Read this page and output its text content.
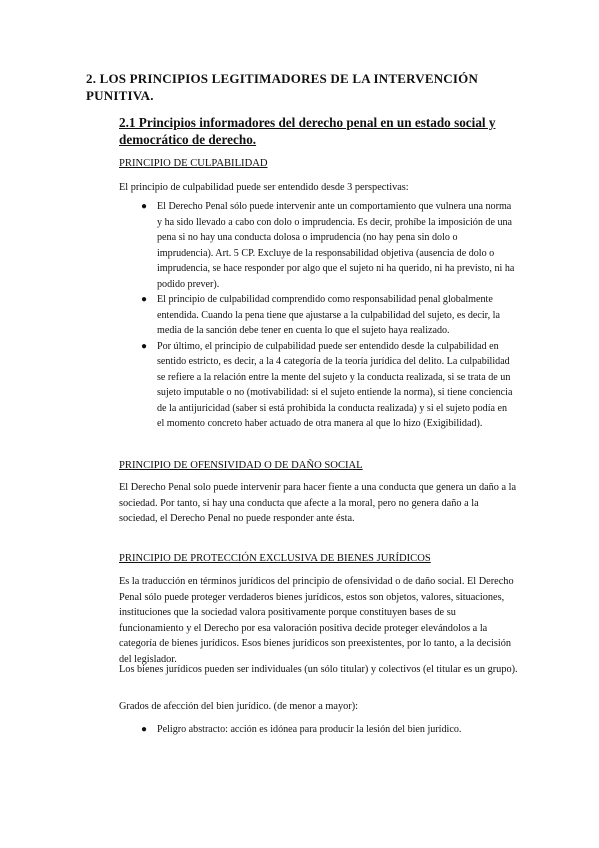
2. LOS PRINCIPIOS LEGITIMADORES DE LA INTERVENCIÓN PUNITIVA.
2.1 Principios informadores del derecho penal en un estado social y democrático de derecho.

PRINCIPIO DE CULPABILIDAD

El principio de culpabilidad puede ser entendido desde 3 perspectivas:

● El Derecho Penal sólo puede intervenir ante un comportamiento que vulnera una norma y ha sido llevado a cabo con dolo o imprudencia. Es decir, prohíbe la imposición de una pena si no hay una conducta dolosa o imprudencia (no hay pena sin dolo o imprudencia). Art. 5 CP. Excluye de la responsabilidad objetiva (ausencia de dolo o imprudencia, se hace responder por algo que el sujeto ni ha querido, ni ha previsto, ni ha podido prever).
● El principio de culpabilidad comprendido como responsabilidad penal globalmente entendida. Cuando la pena tiene que ajustarse a la culpabilidad del sujeto, es decir, la media de la sanción debe tener en cuenta lo que el sujeto haya realizado.
● Por último, el principio de culpabilidad puede ser entendido desde la culpabilidad en sentido estricto, es decir, a la 4 categoría de la teoría jurídica del delito. La culpabilidad se refiere a la relación entre la mente del sujeto y la conducta realizada, si se trata de un sujeto imputable o no (motivabilidad: si el sujeto entiende la norma), si tiene conciencia de la antijuricidad (saber si está prohibida la conducta realizada) y si el sujeto podía en el momento concreto haber actuado de otra manera al que lo hizo (Exigibilidad).

PRINCIPIO DE OFENSIVIDAD O DE DAÑO SOCIAL

El Derecho Penal solo puede intervenir para hacer fiente a una conducta que genera un daño a la sociedad. Por tanto, si hay una conducta que afecte a la moral, pero no genera daño a la sociedad, el Derecho Penal no puede responder ante ésta.

PRINCIPIO DE PROTECCIÓN EXCLUSIVA DE BIENES JURÍDICOS

Es la traducción en términos jurídicos del principio de ofensividad o de daño social. El Derecho Penal sólo puede proteger verdaderos bienes jurídicos, estos son objetos, valores, situaciones, instituciones que la sociedad valora positivamente porque constituyen bases de su funcionamiento y el Derecho por esa valoración positiva decide proteger elevándolos a la categoría de bienes jurídicos. Esos bienes jurídicos son preexistentes, por lo tanto, a la decisión del legislador.

Los bienes jurídicos pueden ser individuales (un sólo titular) y colectivos (el titular es un grupo).

Grados de afección del bien jurídico. (de menor a mayor):

● Peligro abstracto: acción es idónea para producir la lesión del bien jurídico.
